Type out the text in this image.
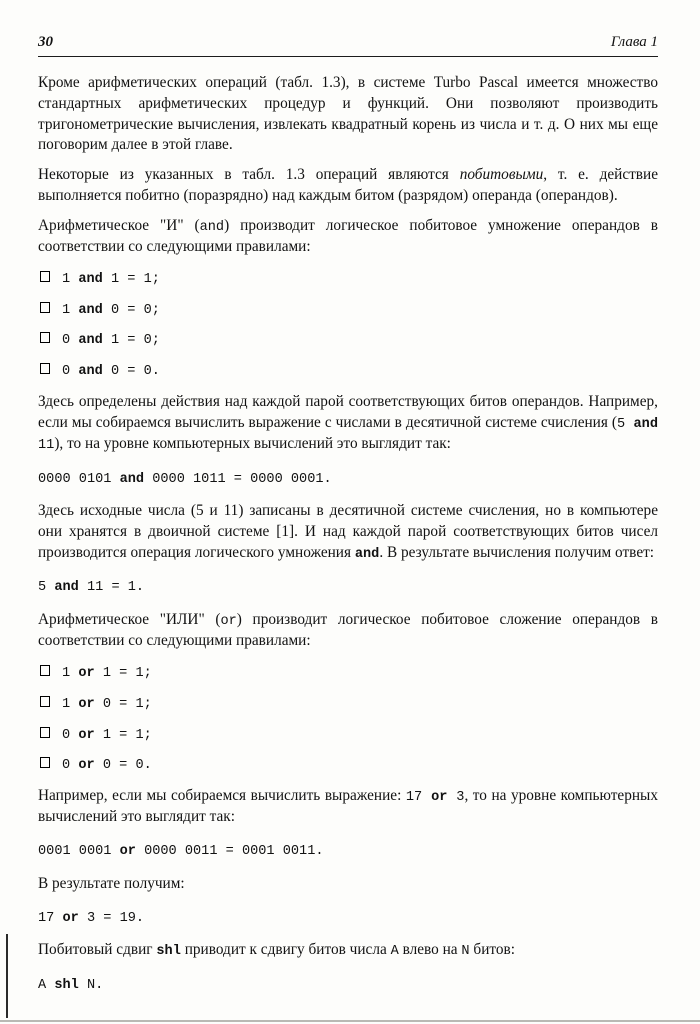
30	Глава 1

Кроме арифметических операций (табл. 1.3), в системе Turbo Pascal имеется множество стандартных арифметических процедур и функций. Они позволяют производить тригонометрические вычисления, извлекать квадратный корень из числа и т. д. О них мы еще поговорим далее в этой главе.

Некоторые из указанных в табл. 1.3 операций являются побитовыми, т. е. действие выполняется побитно (поразрядно) над каждым битом (разрядом) операнда (операндов).

Арифметическое "И" (and) производит логическое побитовое умножение операндов в соответствии со следующими правилами:

1 and 1 = 1;
1 and 0 = 0;
0 and 1 = 0;
0 and 0 = 0.

Здесь определены действия над каждой парой соответствующих битов операндов. Например, если мы собираемся вычислить выражение с числами в десятичной системе счисления (5 and 11), то на уровне компьютерных вычислений это выглядит так:

0000 0101 and 0000 1011 = 0000 0001.

Здесь исходные числа (5 и 11) записаны в десятичной системе счисления, но в компьютере они хранятся в двоичной системе [1]. И над каждой парой соответствующих битов чисел производится операция логического умножения and. В результате вычисления получим ответ:

5 and 11 = 1.

Арифметическое "ИЛИ" (or) производит логическое побитовое сложение операндов в соответствии со следующими правилами:

1 or 1 = 1;
1 or 0 = 1;
0 or 1 = 1;
0 or 0 = 0.

Например, если мы собираемся вычислить выражение: 17 or 3, то на уровне компьютерных вычислений это выглядит так:

0001 0001 or 0000 0011 = 0001 0011.

В результате получим:

17 or 3 = 19.

Побитовый сдвиг shl приводит к сдвигу битов числа A влево на N битов:

A shl N.
